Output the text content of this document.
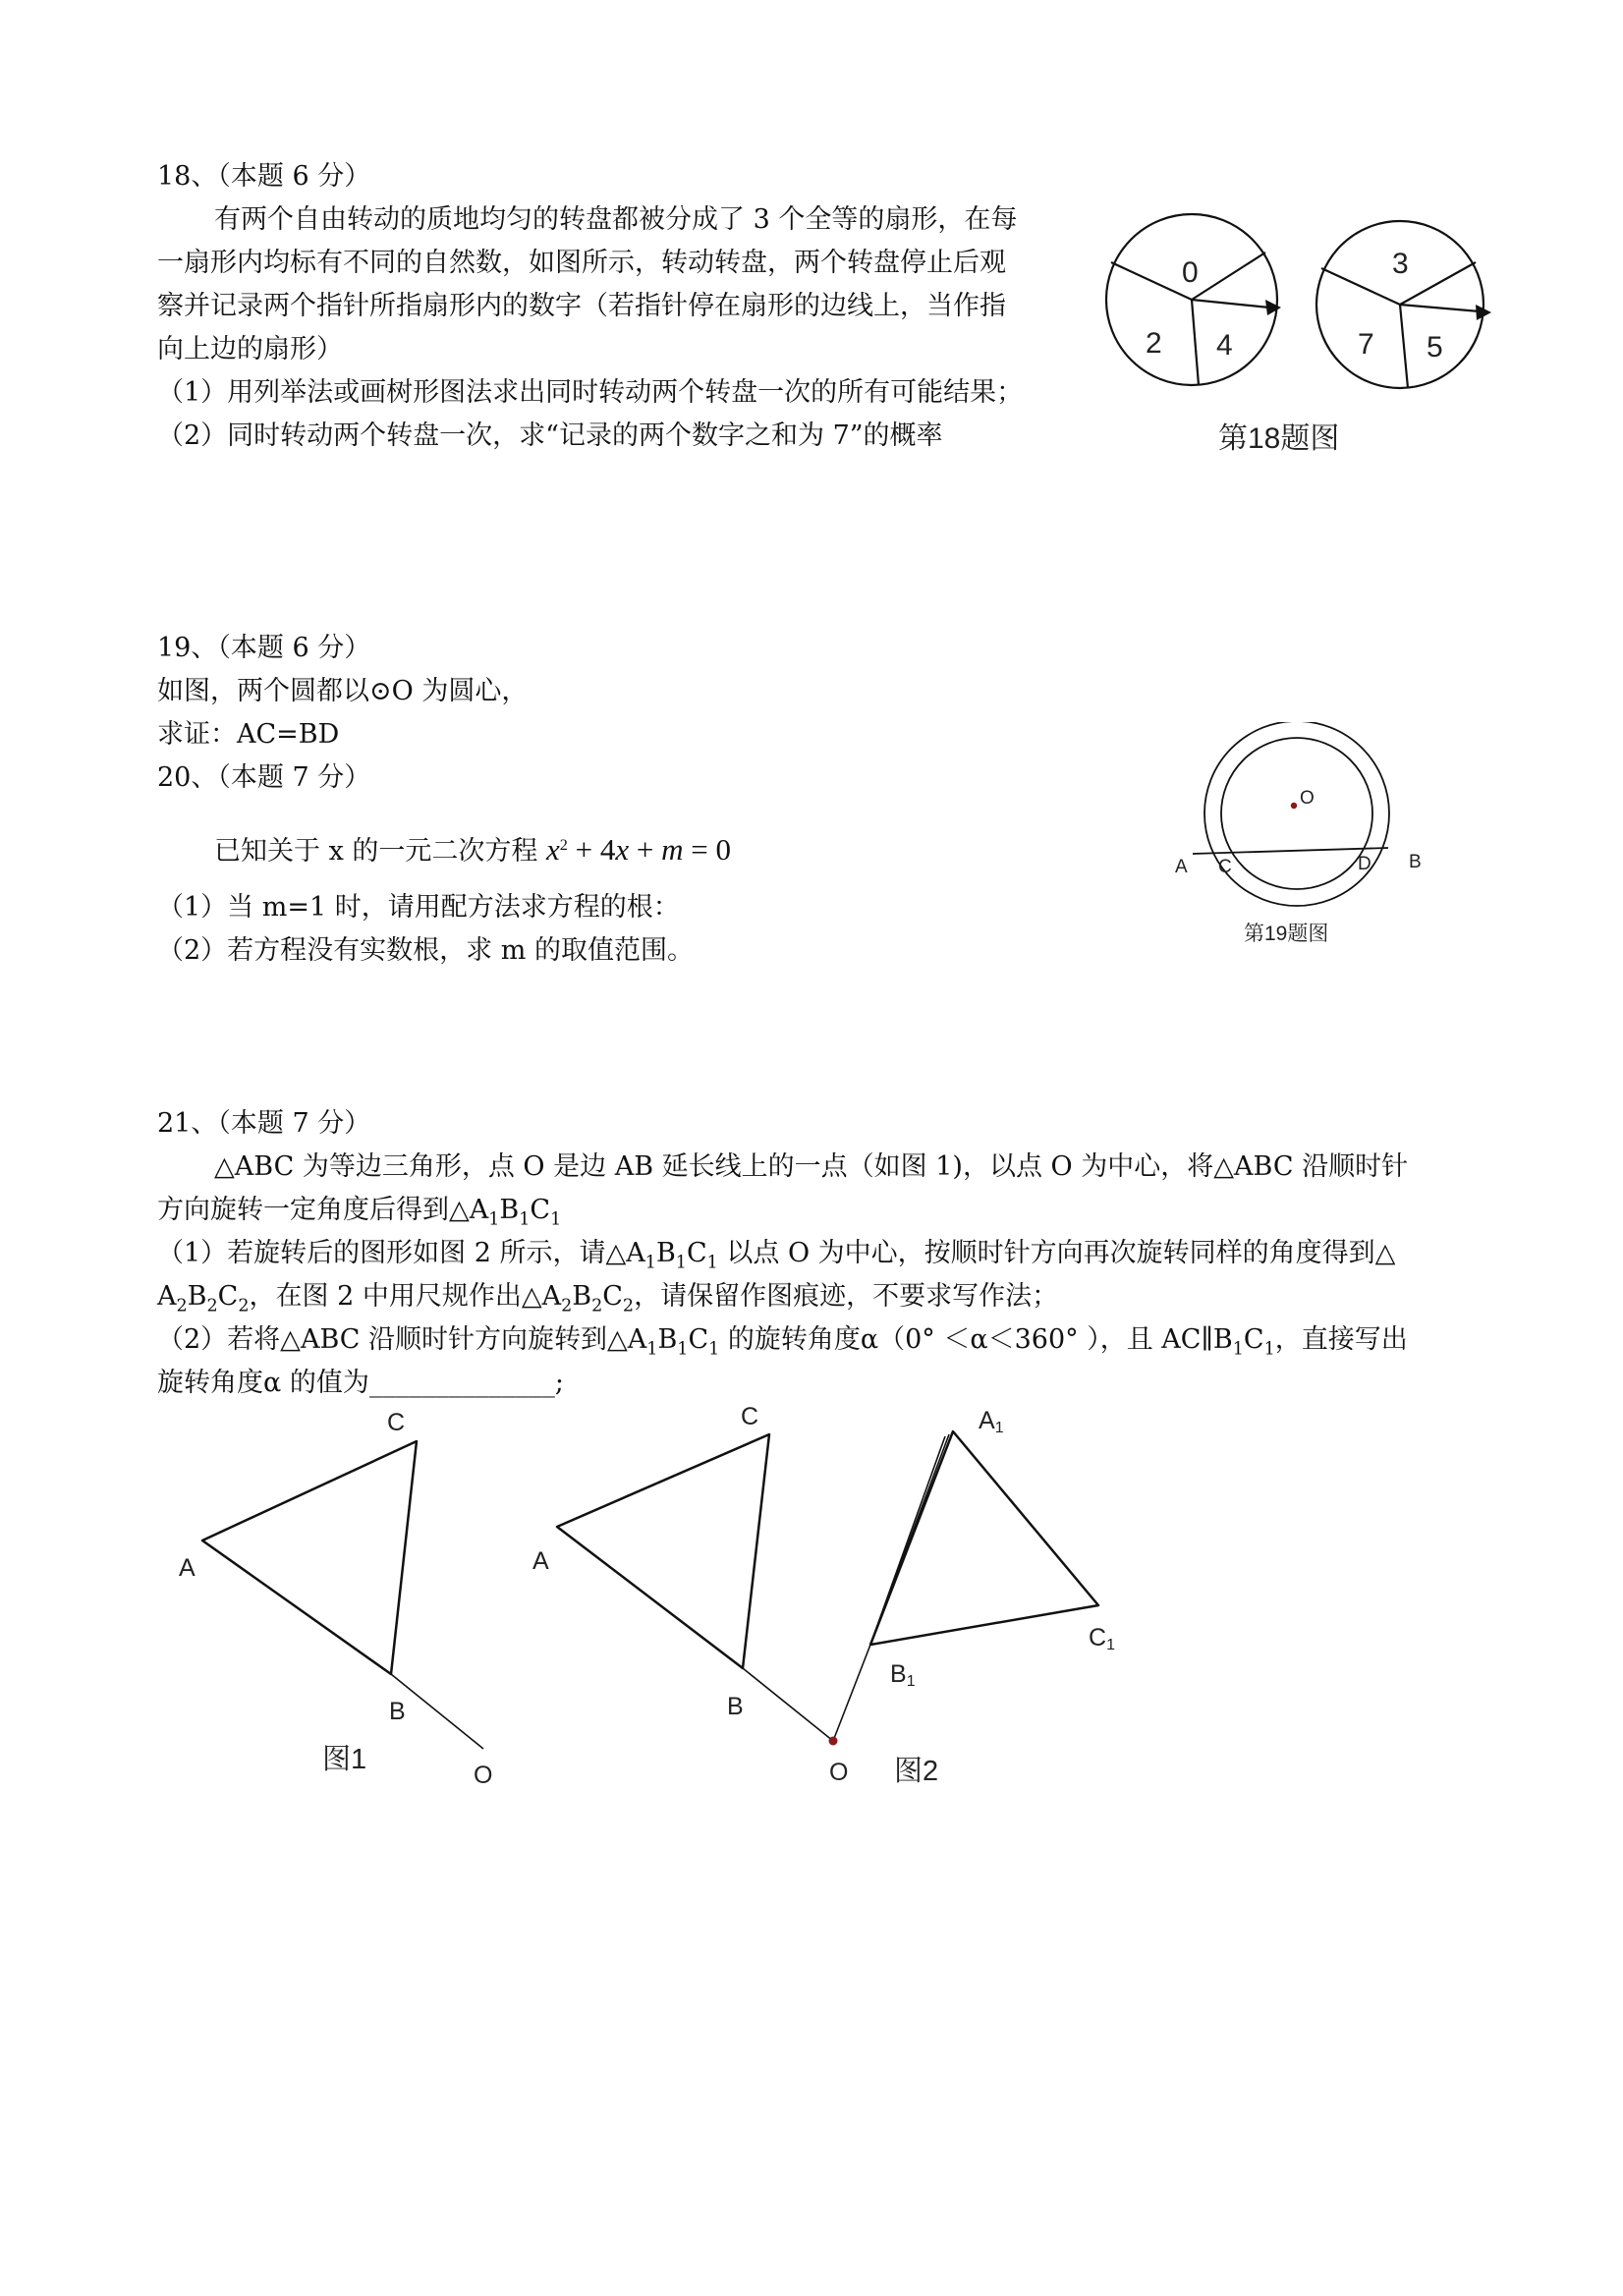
18、（本题 6 分）
有两个自由转动的质地均匀的转盘都被分成了 3 个全等的扇形，在每
一扇形内均标有不同的自然数，如图所示，转动转盘，两个转盘停止后观
察并记录两个指针所指扇形内的数字（若指针停在扇形的边线上，当作指
向上边的扇形）
（1）用列举法或画树形图法求出同时转动两个转盘一次的所有可能结果；
（2）同时转动两个转盘一次，求“记录的两个数字之和为 7”的概率
0
4
2
3
5
7
第18题图
19、（本题 6 分）
如图，两个圆都以⊙O 为圆心，
求证：AC=BD
O
A C	D B
第19题图
20、（本题 7 分）
已知关于 x 的一元二次方程 $x^2 + 4x + m = 0$
（1）当 m=1 时，请用配方法求方程的根：
（2）若方程没有实数根，求 m 的取值范围。
21、（本题 7 分）
△ABC 为等边三角形，点 O 是边 AB 延长线上的一点（如图 1)，以点 O 为中心，将△ABC 沿顺时针
方向旋转一定角度后得到$\triangle A_1B_1C_1$
（1）若旋转后的图形如图 2 所示，请$\triangle A_1B_1C_1$ 以点 O 为中心，按顺时针方向再次旋转同样的角度得到△
$A_2B_2C_2$，在图 2 中用尺规作出$\triangle A_2B_2C_2$，请保留作图痕迹，不要求写作法；
（2）若将△ABC 沿顺时针方向旋转到$\triangle A_1B_1C_1$ 的旋转角度α（0° ＜α＜360° ），且 $AC\parallel B_1C_1$，直接写出
旋转角度α 的值为______________;
A
B
C
O
图1
A
B
C
O
A1
B1
C1
图2
